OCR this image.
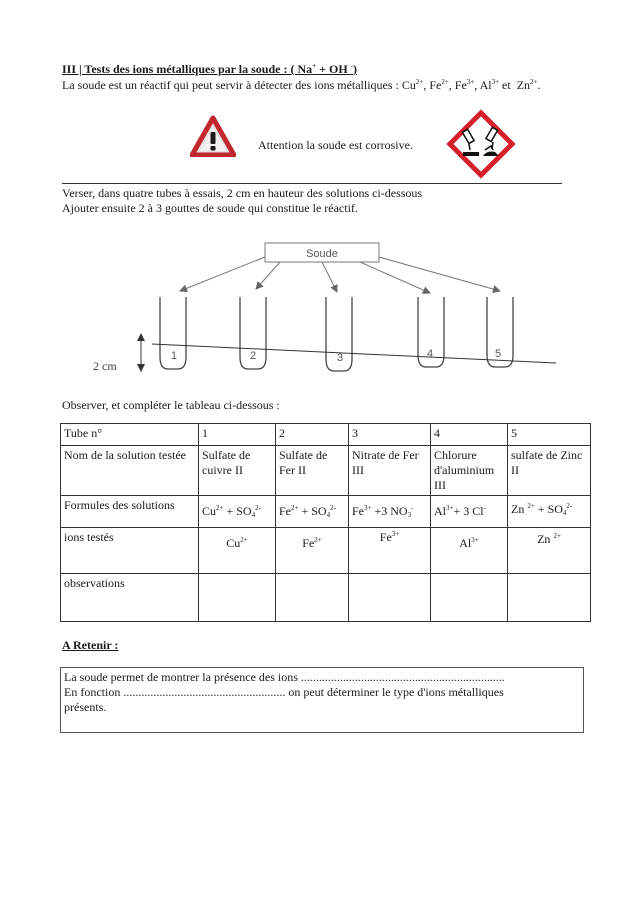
III | Tests des ions métalliques par la soude : ( Na+ + OH -)
La soude est un réactif qui peut servir à détecter des ions métalliques : $Cu^{2+}$, $Fe^{2+}$, $Fe^{3+}$, $Al^{3+}$ et  $Zn^{2+}$.
Attention la soude est corrosive.
Verser, dans quatre tubes à essais, 2 cm en hauteur des solutions ci-dessous
Ajouter ensuite 2 à 3 gouttes de soude qui constitue le réactif.
Soude
1	2	3	4	5
2 cm
Observer, et compléter le tableau ci-dessous :
Tube n°	1	2	3	4	5
Nom de la solution testée	Sulfate de cuivre II	Sulfate de Fer II	Nitrate de Fer III	Chlorure d'aluminium III	sulfate de Zinc II
Formules des solutions	$Cu^{2+} + SO_4^{2-}$	$Fe^{2+} + SO_4^{2-}$	$Fe^{3+} +3$ $NO_3^-$	$Al^{3+}+ 3$ Cl-	Zn $^{2+} + SO_4^{2-}$
ions testés	$Cu^{2+}$	$Fe^{2+}$	$Fe^{3+}$	$Al^{3+}$	Zn $^{2+}$
observations					
A Retenir :
La soude permet de montrer la présence des ions ....................................................................
En fonction ...................................................... on peut déterminer le type d'ions métalliques
présents.
